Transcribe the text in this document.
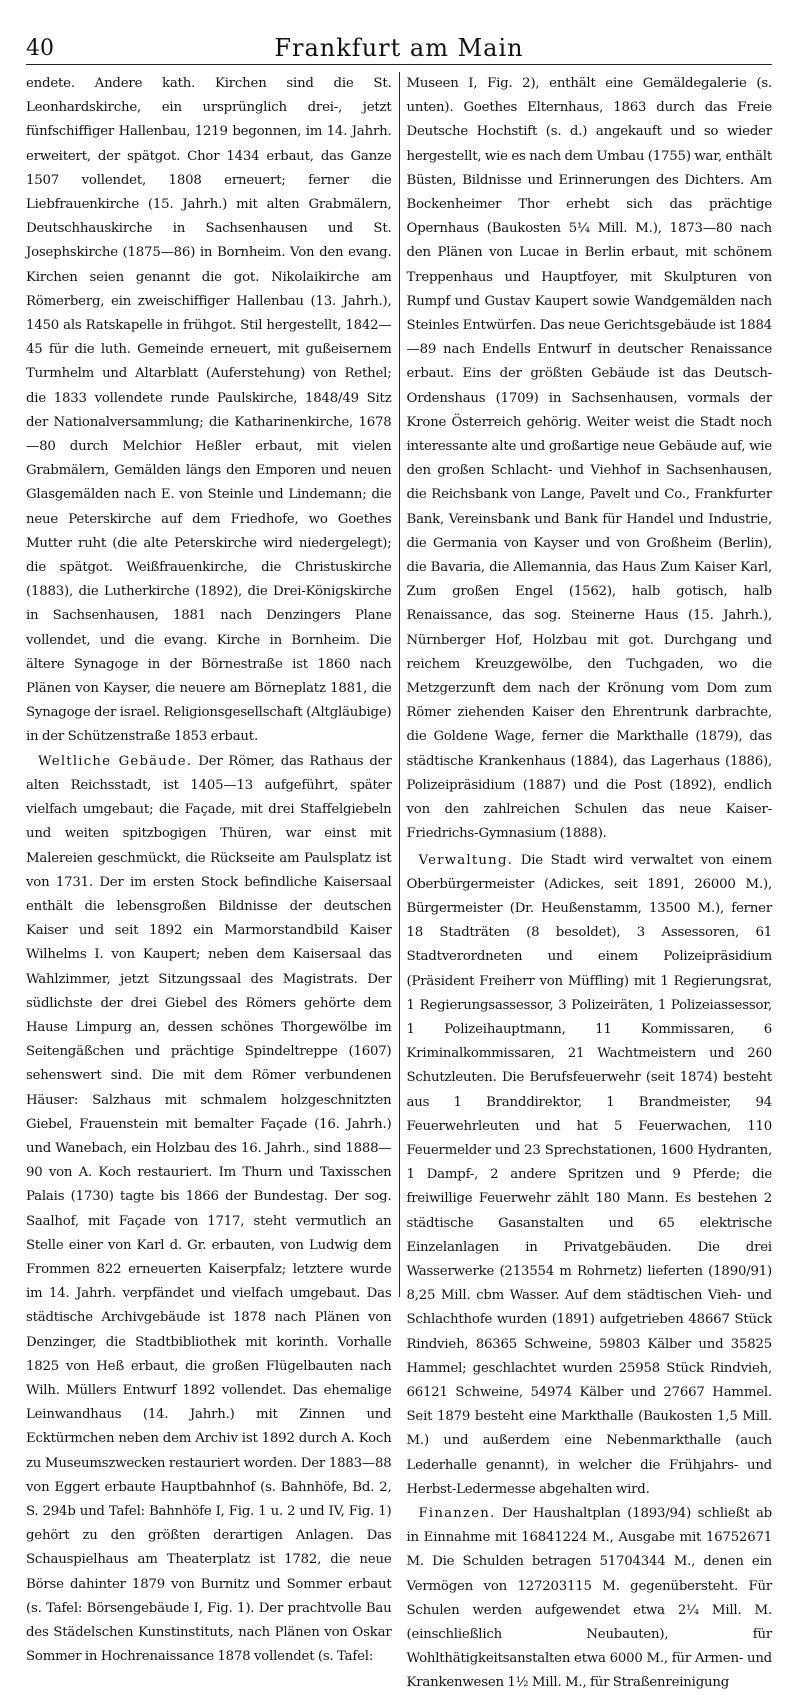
40	Frankfurt am Main

endete. Andere kath. Kirchen sind die St. Leonhardskirche, ein ursprünglich drei-, jetzt fünfschiffiger Hallenbau, 1219 begonnen, im 14. Jahrh. erweitert, der spätgot. Chor 1434 erbaut, das Ganze 1507 vollendet, 1808 erneuert; ferner die Liebfrauenkirche (15. Jahrh.) mit alten Grabmälern, Deutschhauskirche in Sachsenhausen und St. Josephskirche (1875—86) in Bornheim. Von den evang. Kirchen seien genannt die got. Nikolaikirche am Römerberg, ein zweischiffiger Hallenbau (13. Jahrh.), 1450 als Ratskapelle in frühgot. Stil hergestellt, 1842—45 für die luth. Gemeinde erneuert, mit gußeisernem Turmhelm und Altarblatt (Auferstehung) von Rethel; die 1833 vollendete runde Paulskirche, 1848/49 Sitz der Nationalversammlung; die Katharinenkirche, 1678—80 durch Melchior Heßler erbaut, mit vielen Grabmälern, Gemälden längs den Emporen und neuen Glasgemälden nach E. von Steinle und Lindemann; die neue Peterskirche auf dem Friedhofe, wo Goethes Mutter ruht (die alte Peterskirche wird niedergelegt); die spätgot. Weißfrauenkirche, die Christuskirche (1883), die Lutherkirche (1892), die Drei-Königskirche in Sachsenhausen, 1881 nach Denzingers Plane vollendet, und die evang. Kirche in Bornheim. Die ältere Synagoge in der Börnestraße ist 1860 nach Plänen von Kayser, die neuere am Börneplatz 1881, die Synagoge der israel. Religionsgesellschaft (Altgläubige) in der Schützenstraße 1853 erbaut.

Weltliche Gebäude. Der Römer, das Rathaus der alten Reichsstadt, ist 1405—13 aufgeführt, später vielfach umgebaut; die Façade, mit drei Staffelgiebeln und weiten spitzbogigen Thüren, war einst mit Malereien geschmückt, die Rückseite am Paulsplatz ist von 1731. Der im ersten Stock befindliche Kaisersaal enthält die lebensgroßen Bildnisse der deutschen Kaiser und seit 1892 ein Marmorstandbild Kaiser Wilhelms I. von Kaupert; neben dem Kaisersaal das Wahlzimmer, jetzt Sitzungssaal des Magistrats. Der südlichste der drei Giebel des Römers gehörte dem Hause Limpurg an, dessen schönes Thorgewölbe im Seitengäßchen und prächtige Spindeltreppe (1607) sehenswert sind. Die mit dem Römer verbundenen Häuser: Salzhaus mit schmalem holzgeschnitzten Giebel, Frauenstein mit bemalter Façade (16. Jahrh.) und Wanebach, ein Holzbau des 16. Jahrh., sind 1888—90 von A. Koch restauriert. Im Thurn und Taxisschen Palais (1730) tagte bis 1866 der Bundestag. Der sog. Saalhof, mit Façade von 1717, steht vermutlich an Stelle einer von Karl d. Gr. erbauten, von Ludwig dem Frommen 822 erneuerten Kaiserpfalz; letztere wurde im 14. Jahrh. verpfändet und vielfach umgebaut. Das städtische Archivgebäude ist 1878 nach Plänen von Denzinger, die Stadtbibliothek mit korinth. Vorhalle 1825 von Heß erbaut, die großen Flügelbauten nach Wilh. Müllers Entwurf 1892 vollendet. Das ehemalige Leinwandhaus (14. Jahrh.) mit Zinnen und Ecktürmchen neben dem Archiv ist 1892 durch A. Koch zu Museumszwecken restauriert worden. Der 1883—88 von Eggert erbaute Hauptbahnhof (s. Bahnhöfe, Bd. 2, S. 294b und Tafel: Bahnhöfe I, Fig. 1 u. 2 und IV, Fig. 1) gehört zu den größten derartigen Anlagen. Das Schauspielhaus am Theaterplatz ist 1782, die neue Börse dahinter 1879 von Burnitz und Sommer erbaut (s. Tafel: Börsengebäude I, Fig. 1). Der prachtvolle Bau des Städelschen Kunstinstituts, nach Plänen von Oskar Sommer in Hochrenaissance 1878 vollendet (s. Tafel:

Museen I, Fig. 2), enthält eine Gemäldegalerie (s. unten). Goethes Elternhaus, 1863 durch das Freie Deutsche Hochstift (s. d.) angekauft und so wieder hergestellt, wie es nach dem Umbau (1755) war, enthält Büsten, Bildnisse und Erinnerungen des Dichters. Am Bockenheimer Thor erhebt sich das prächtige Opernhaus (Baukosten 5¼ Mill. M.), 1873—80 nach den Plänen von Lucae in Berlin erbaut, mit schönem Treppenhaus und Hauptfoyer, mit Skulpturen von Rumpf und Gustav Kaupert sowie Wandgemälden nach Steinles Entwürfen. Das neue Gerichtsgebäude ist 1884—89 nach Endells Entwurf in deutscher Renaissance erbaut. Eins der größten Gebäude ist das Deutsch-Ordenshaus (1709) in Sachsenhausen, vormals der Krone Österreich gehörig. Weiter weist die Stadt noch interessante alte und großartige neue Gebäude auf, wie den großen Schlacht- und Viehhof in Sachsenhausen, die Reichsbank von Lange, Pavelt und Co., Frankfurter Bank, Vereinsbank und Bank für Handel und Industrie, die Germania von Kayser und von Großheim (Berlin), die Bavaria, die Allemannia, das Haus Zum Kaiser Karl, Zum großen Engel (1562), halb gotisch, halb Renaissance, das sog. Steinerne Haus (15. Jahrh.), Nürnberger Hof, Holzbau mit got. Durchgang und reichem Kreuzgewölbe, den Tuchgaden, wo die Metzgerzunft dem nach der Krönung vom Dom zum Römer ziehenden Kaiser den Ehrentrunk darbrachte, die Goldene Wage, ferner die Markthalle (1879), das städtische Krankenhaus (1884), das Lagerhaus (1886), Polizeipräsidium (1887) und die Post (1892), endlich von den zahlreichen Schulen das neue Kaiser-Friedrichs-Gymnasium (1888).

Verwaltung. Die Stadt wird verwaltet von einem Oberbürgermeister (Adickes, seit 1891, 26000 M.), Bürgermeister (Dr. Heußenstamm, 13500 M.), ferner 18 Stadträten (8 besoldet), 3 Assessoren, 61 Stadtverordneten und einem Polizeipräsidium (Präsident Freiherr von Müffling) mit 1 Regierungsrat, 1 Regierungsassessor, 3 Polizeiräten, 1 Polizeiassessor, 1 Polizeihauptmann, 11 Kommissaren, 6 Kriminalkommissaren, 21 Wachtmeistern und 260 Schutzleuten. Die Berufsfeuerwehr (seit 1874) besteht aus 1 Branddirektor, 1 Brandmeister, 94 Feuerwehrleuten und hat 5 Feuerwachen, 110 Feuermelder und 23 Sprechstationen, 1600 Hydranten, 1 Dampf-, 2 andere Spritzen und 9 Pferde; die freiwillige Feuerwehr zählt 180 Mann. Es bestehen 2 städtische Gasanstalten und 65 elektrische Einzelanlagen in Privatgebäuden. Die drei Wasserwerke (213554 m Rohrnetz) lieferten (1890/91) 8,25 Mill. cbm Wasser. Auf dem städtischen Vieh- und Schlachthofe wurden (1891) aufgetrieben 48667 Stück Rindvieh, 86365 Schweine, 59803 Kälber und 35825 Hammel; geschlachtet wurden 25958 Stück Rindvieh, 66121 Schweine, 54974 Kälber und 27667 Hammel. Seit 1879 besteht eine Markthalle (Baukosten 1,5 Mill. M.) und außerdem eine Nebenmarkthalle (auch Lederhalle genannt), in welcher die Frühjahrs- und Herbst-Ledermesse abgehalten wird.

Finanzen. Der Haushaltplan (1893/94) schließt ab in Einnahme mit 16841224 M., Ausgabe mit 16752671 M. Die Schulden betragen 51704344 M., denen ein Vermögen von 127203115 M. gegenübersteht. Für Schulen werden aufgewendet etwa 2¼ Mill. M. (einschließlich Neubauten), für Wohlthätigkeitsanstalten etwa 6000 M., für Armen- und Krankenwesen 1½ Mill. M., für Straßenreinigung
